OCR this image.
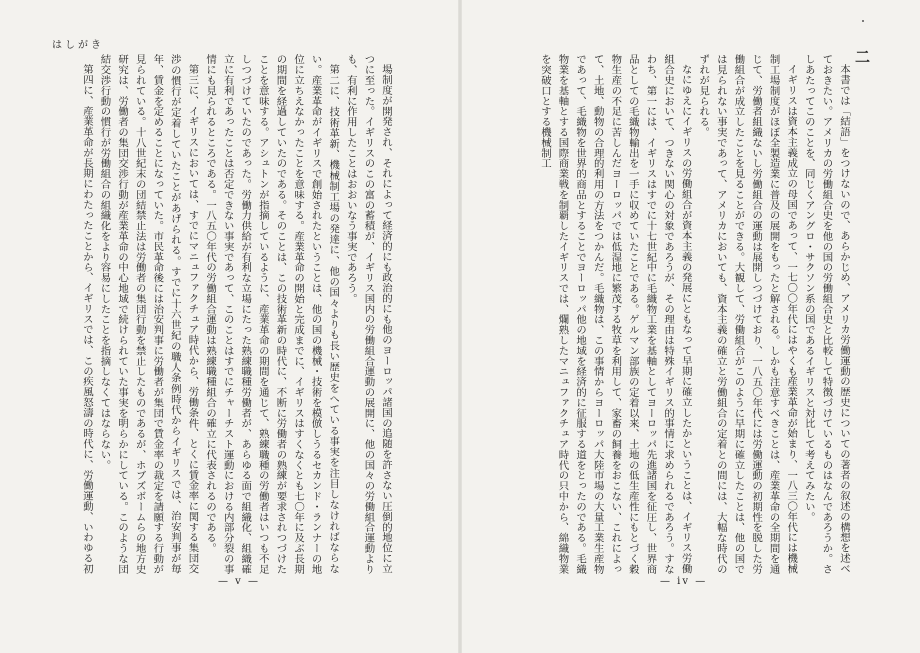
はしがき

場制度が開発され、それによって経済的にも政治的にも他のヨーロッパ諸国の追随を許さない圧倒的地位に立つに至った。イギリスのこの富の蓄積が、イギリス国内の労働組合運動の展開に、他の国々の労働組合運動よりも、有利に作用したことはおおいなう事実であろう。

第二に、技術革新、機械制工場の発達に、他の国々よりも長い歴史をへている事実を注目しなければならない。産業革命がイギリスで創始されたということは、他の国の機械・技術を模倣しうるセカンド・ランナーの地位に立ちえなかったことを意味する。産業革命の開始と完成までに、イギリスはすくなくとも七〇年に及ぶ長期の期間を経過していたのである。そのことは、この技術革新の時代に、不断に労働者の熟練が要求されつづけたことを意味する。アシュトンが指摘しているように、産業革命の期間を通じて、熟練職種の労働者はいつも不足しつづけていたのであった。労働力供給が有利な立場にたった熟練職種労働者が、あらゆる面で組織化、組織確立に有利であったことは否定できない事実であって、このことはすでにチャーチスト運動における内部分裂の事情にも見られるところである。一八五〇年代の労働組合運動は熟練職種組合の確立に代表されるのである。

第三に、イギリスにおいては、すでにマニュファクチュア時代から、労働条件、とくに賃金率に関する集団交渉の慣行が定着していたことがあげられる。すでに十六世紀の職人条例時代からイギリスでは、治安判事が毎年、賃金を定めることになっていた。市民革命後には治安判事に労働者が集団で賃金率の裁定を請願する行動が見られている。十八世紀末の団結禁止法は労働者の集団行動を禁止したものであるが、ホブズボームらの地方史研究は、労働者の集団交渉行動が産業革命の中心地域で続けられていた事実を明らかにしている。このような団結交渉行動の慣行が労働組合の組織化をより容易にしたことを指摘しなくてはならない。

第四に、産業革命が長期にわたったことから、イギリスでは、この疾風怒濤の時代に、労働運動、いわゆる初

— v —
二

本書では「結語」をつけないので、あらかじめ、アメリカ労働運動の歴史についての著者の叙述の構想を述べておきたい。アメリカの労働組合史を他の国の労働組合史と比較して特徴づけているものはなんであろうか。さしあたってこのことを、同じくアングロ・サクソン系の国であるイギリスと対比して考えてみたい。

イギリスは資本主義成立の母国であって、一七〇〇年代にはやくも産業革命が始まり、一八三〇年代には機械制工場制度がほぼ全製造業に普及の展開をもったと解される。しかも注意すべきことは、産業革命の全期間を通じて、労働者組織ないし労働組合の運動は展開しつづけており、一八五〇年代には労働運動の初期性を脱した労働組合が成立したことを見ることができる。大観して、労働組合がこのように早期に確立したことは、他の国では見られない事実であって、アメリカにおいても、資本主義の確立と労働組合の定着との間には、大幅な時代のずれが見られる。

なにゆえにイギリスの労働組合が資本主義の発展にともなって早期に確立したかということは、イギリス労働組合史において、つきない関心の対象であろうが、その理由は特殊イギリス的事情に求められるであろう。すなわち、第一には、イギリスはすでに十七世紀中に毛織物工業を基軸としてヨーロッパ先進諸国を征圧し、世界商品としての毛織物輸出を一手に収めていたことである。ゲルマン部族の定着以来、土地の低生産性にもとづく穀物生産の不足に苦しんだヨーロッパでは低湿地に繁茂する牧草を利用して、家畜の飼養をおこない、これによって、土地、動物の合理的利用の方法をつかんだ。毛織物は、この事情からヨーロッパ大陸市場の大量工業生産物であって、毛織物を世界的商品とすることでヨーロッパ他の地域を経済的に征服する道をとったのである。毛織物業を基軸とする国際商業戦を制覇したイギリスでは、爛熟したマニュファクチュア時代の只中から、綿織物業を突破口とする機械制工

— iv —
